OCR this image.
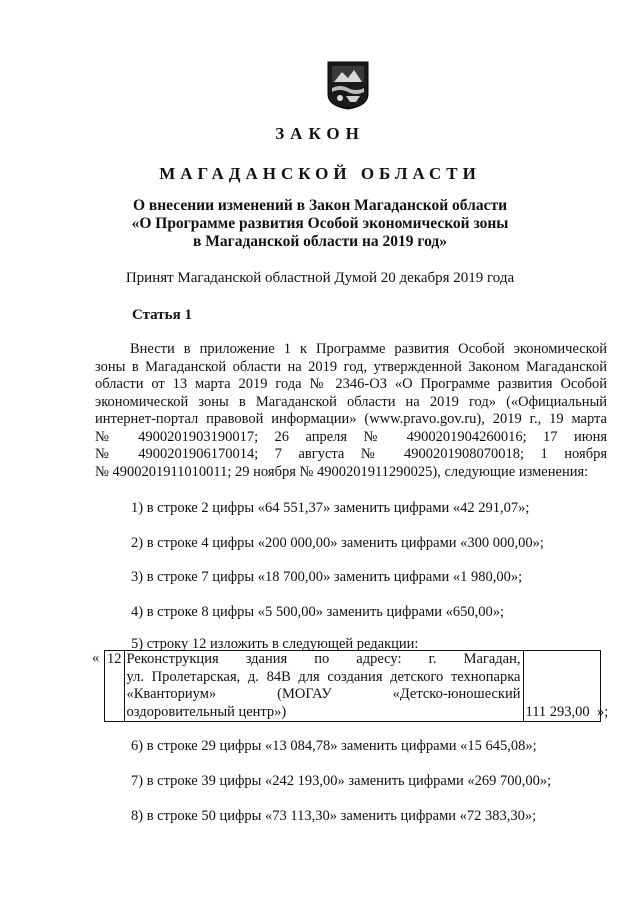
ЗАКОН
МАГАДАНСКОЙ ОБЛАСТИ
О внесении изменений в Закон Магаданской области
«О Программе развития Особой экономической зоны
в Магаданской области на 2019 год»
Принят Магаданской областной Думой 20 декабря 2019 года
Статья 1
Внести в приложение 1 к Программе развития Особой экономической
зоны в Магаданской области на 2019 год, утвержденной Законом Магаданской
области от 13 марта 2019 года № 2346-ОЗ «О Программе развития Особой
экономической зоны в Магаданской области на 2019 год» («Официальный
интернет-портал правовой информации» (www.pravo.gov.ru), 2019 г., 19 марта
№ 4900201903190017; 26 апреля № 4900201904260016; 17 июня
№ 4900201906170014; 7 августа № 4900201908070018; 1 ноября
№ 4900201911010011; 29 ноября № 4900201911290025), следующие изменения:
1) в строке 2 цифры «64 551,37» заменить цифрами «42 291,07»;
2) в строке 4 цифры «200 000,00» заменить цифрами «300 000,00»;
3) в строке 7 цифры «18 700,00» заменить цифрами «1 980,00»;
4) в строке 8 цифры «5 500,00» заменить цифрами «650,00»;
5) строку 12 изложить в следующей редакции:
« 12	Реконструкция здания по адресу: г. Магадан,
ул. Пролетарская, д. 84В для создания детского технопарка
«Кванториум» (МОГАУ «Детско-юношеский
оздоровительный центр»)	111 293,00 »;
6) в строке 29 цифры «13 084,78» заменить цифрами «15 645,08»;
7) в строке 39 цифры «242 193,00» заменить цифрами «269 700,00»;
8) в строке 50 цифры «73 113,30» заменить цифрами «72 383,30»;
